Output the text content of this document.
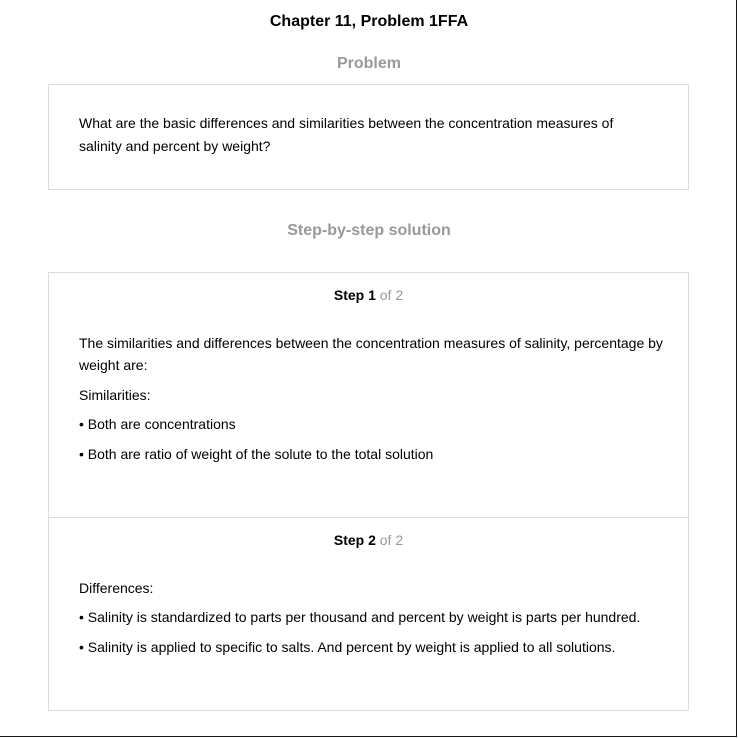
Chapter 11, Problem 1FFA
Problem
What are the basic differences and similarities between the concentration measures of salinity and percent by weight?
Step-by-step solution
Step 1 of 2

The similarities and differences between the concentration measures of salinity, percentage by weight are:

Similarities:

• Both are concentrations

• Both are ratio of weight of the solute to the total solution

Step 2 of 2

Differences:

• Salinity is standardized to parts per thousand and percent by weight is parts per hundred.

• Salinity is applied to specific to salts. And percent by weight is applied to all solutions.
